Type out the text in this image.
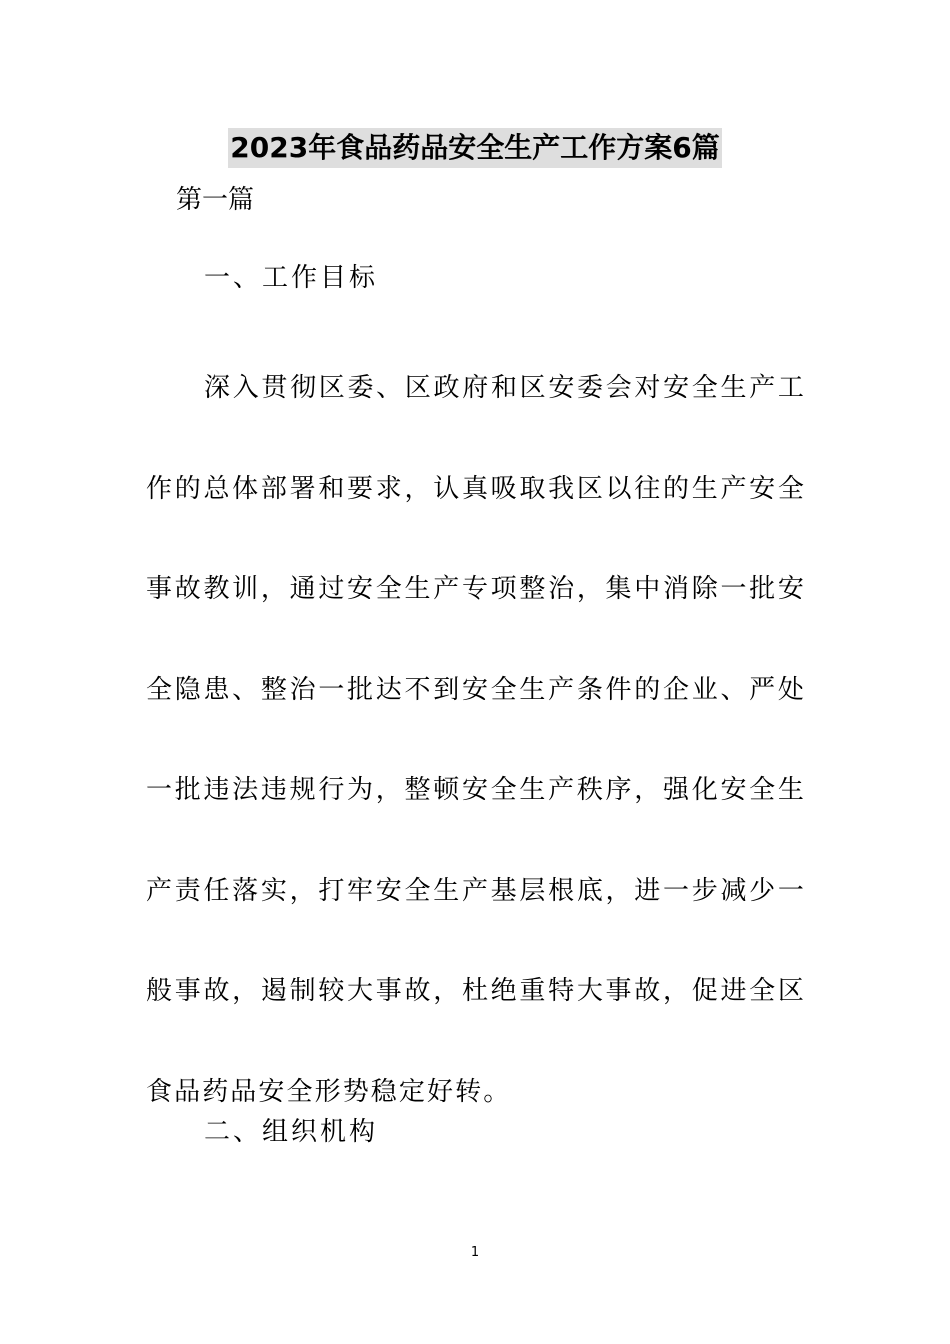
2023年食品药品安全生产工作方案6篇
第一篇
一、工作目标

深入贯彻区委、区政府和区安委会对安全生产工作的总体部署和要求，认真吸取我区以往的生产安全事故教训，通过安全生产专项整治，集中消除一批安全隐患、整治一批达不到安全生产条件的企业、严处一批违法违规行为，整顿安全生产秩序，强化安全生产责任落实，打牢安全生产基层根底，进一步减少一般事故，遏制较大事故，杜绝重特大事故，促进全区食品药品安全形势稳定好转。

二、组织机构
1
